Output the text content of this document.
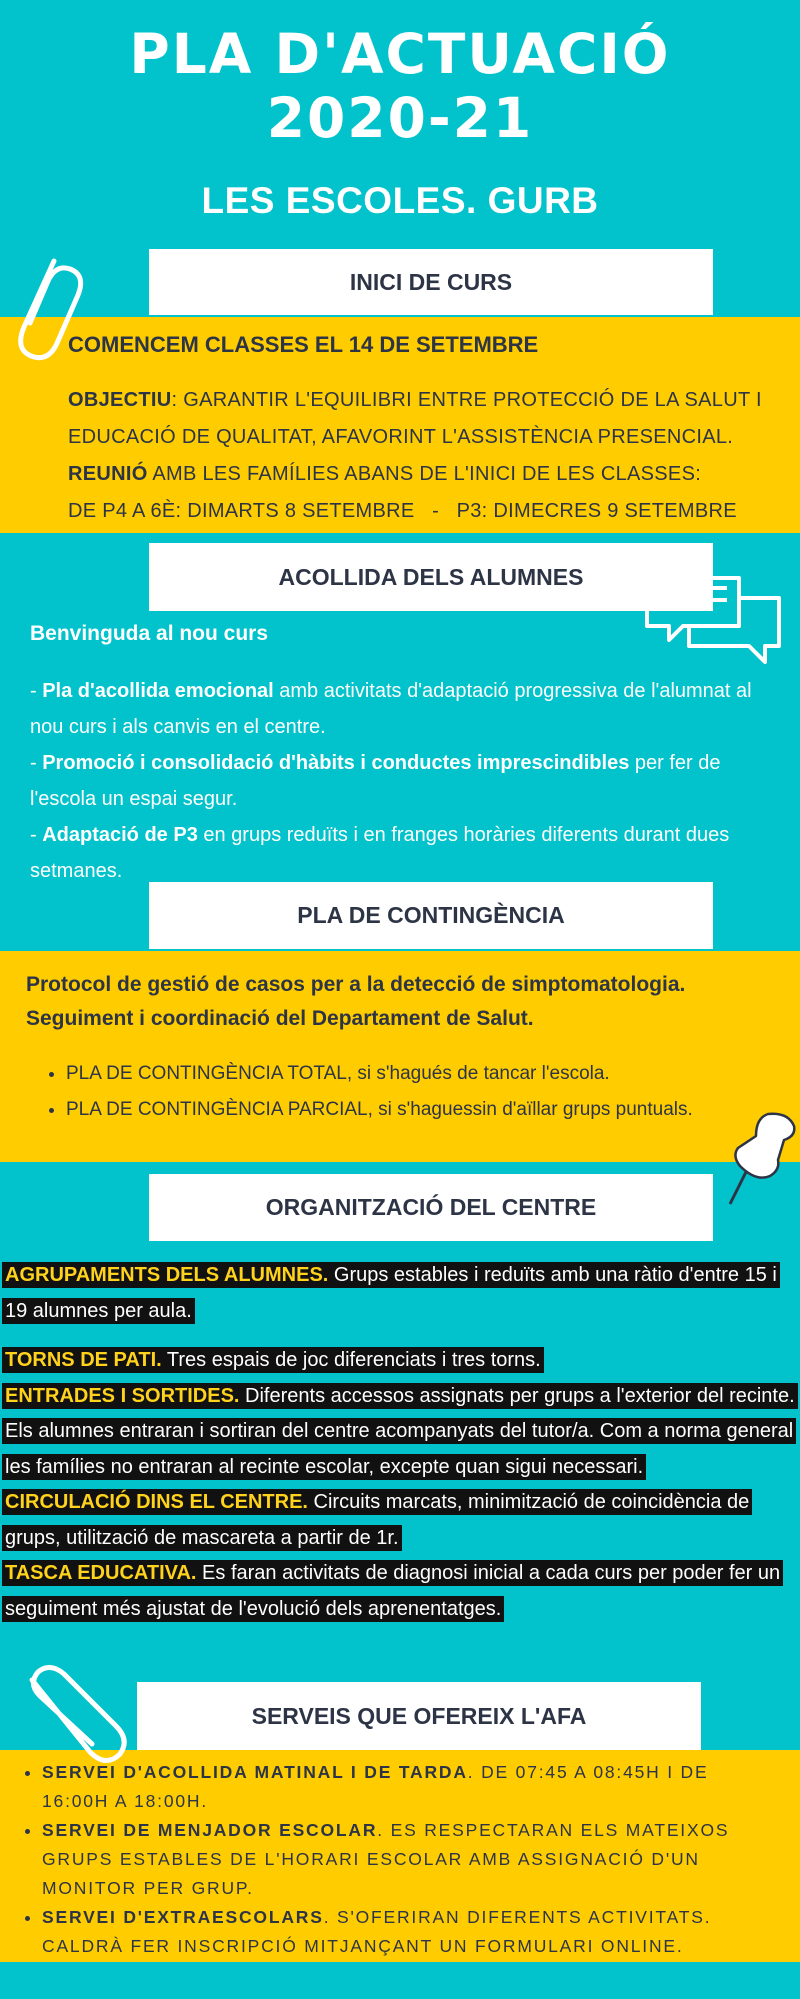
PLA D'ACTUACIÓ
2020-21
LES ESCOLES. GURB
INICI DE CURS
COMENCEM CLASSES EL 14 DE SETEMBRE
OBJECTIU: GARANTIR L'EQUILIBRI ENTRE PROTECCIÓ DE LA SALUT I EDUCACIÓ DE QUALITAT, AFAVORINT L'ASSISTÈNCIA PRESENCIAL.
REUNIÓ AMB LES FAMÍLIES ABANS DE L'INICI DE LES CLASSES:
DE P4 A 6È: DIMARTS 8 SETEMBRE   -   P3: DIMECRES 9 SETEMBRE
ACOLLIDA DELS ALUMNES
Benvinguda al nou curs
- Pla d'acollida emocional amb activitats d'adaptació progressiva de l'alumnat al nou curs i als canvis en el centre.
- Promoció i consolidació d'hàbits i conductes imprescindibles per fer de l'escola un espai segur.
- Adaptació de P3 en grups reduïts i en franges horàries diferents durant dues setmanes.
PLA DE CONTINGÈNCIA
Protocol de gestió de casos per a la detecció de simptomatologia.
Seguiment i coordinació del Departament de Salut.
• PLA DE CONTINGÈNCIA TOTAL, si s'hagués de tancar l'escola.
• PLA DE CONTINGÈNCIA PARCIAL, si s'haguessin d'aïllar grups puntuals.
ORGANITZACIÓ DEL CENTRE

AGRUPAMENTS DELS ALUMNES. Grups estables i reduïts amb una ràtio d'entre 15 i 19 alumnes per aula.

TORNS DE PATI. Tres espais de joc diferenciats i tres torns.

ENTRADES I SORTIDES. Diferents accessos assignats per grups a l'exterior del recinte. Els alumnes entraran i sortiran del centre acompanyats del tutor/a. Com a norma general les famílies no entraran al recinte escolar, excepte quan sigui necessari.

CIRCULACIÓ DINS EL CENTRE. Circuits marcats, minimització de coincidència de grups, utilització de mascareta a partir de 1r.

TASCA EDUCATIVA. Es faran activitats de diagnosi inicial a cada curs per poder fer un seguiment més ajustat de l'evolució dels aprenentatges.

SERVEIS QUE OFEREIX L'AFA
• SERVEI D'ACOLLIDA MATINAL I DE TARDA. DE 07:45 A 08:45H I DE 16:00H A 18:00H.
• SERVEI DE MENJADOR ESCOLAR. ES RESPECTARAN ELS MATEIXOS GRUPS ESTABLES DE L'HORARI ESCOLAR AMB ASSIGNACIÓ D'UN MONITOR PER GRUP.
• SERVEI D'EXTRAESCOLARS. S'OFERIRAN DIFERENTS ACTIVITATS. CALDRÀ FER INSCRIPCIÓ MITJANÇANT UN FORMULARI ONLINE.
